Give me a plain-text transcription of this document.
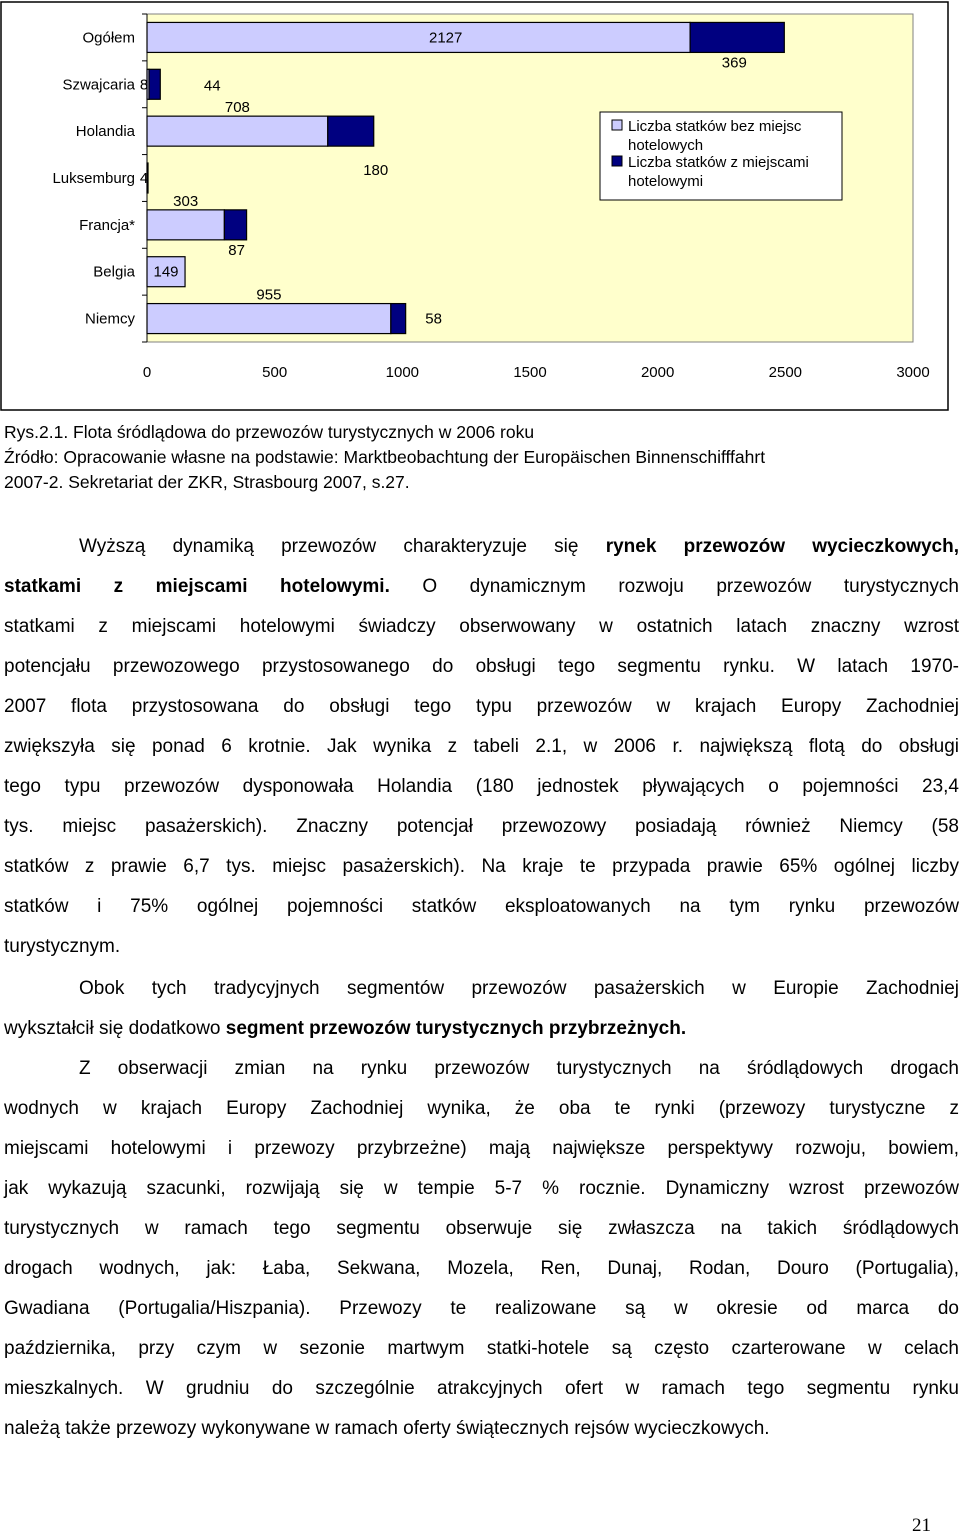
0	500	1000	1500	2000	2500	3000
Ogółem	2127
369
Szwajcaria 8	44
Holandia
708
180
Luksemburg 4
Francja*
303
87
Belgia 149
Niemcy
955
58
Liczba statków bez miejsc
hotelowych
Liczba statków z miejscami
hotelowymi
Rys.2.1. Flota śródlądowa do przewozów turystycznych w 2006 roku
Źródło: Opracowanie własne na podstawie: Marktbeobachtung der Europäischen Binnenschifffahrt
2007-2. Sekretariat der ZKR, Strasbourg 2007, s.27.
Wyższą dynamiką przewozów charakteryzuje się rynek przewozów wycieczkowych,
statkami z miejscami hotelowymi. O dynamicznym rozwoju przewozów turystycznych
statkami z miejscami hotelowymi świadczy obserwowany w ostatnich latach znaczny wzrost
potencjału przewozowego przystosowanego do obsługi tego segmentu rynku. W latach 1970-
2007 flota przystosowana do obsługi tego typu przewozów w krajach Europy Zachodniej
zwiększyła się ponad 6 krotnie. Jak wynika z tabeli 2.1, w 2006 r. największą flotą do obsługi
tego typu przewozów dysponowała Holandia (180 jednostek pływających o pojemności 23,4
tys. miejsc pasażerskich). Znaczny potencjał przewozowy posiadają również Niemcy (58
statków z prawie 6,7 tys. miejsc pasażerskich). Na kraje te przypada prawie 65% ogólnej liczby
statków i 75% ogólnej pojemności statków eksploatowanych na tym rynku przewozów
turystycznym.
Obok tych tradycyjnych segmentów przewozów pasażerskich w Europie Zachodniej
wykształcił się dodatkowo segment przewozów turystycznych przybrzeżnych.
Z obserwacji zmian na rynku przewozów turystycznych na śródlądowych drogach
wodnych w krajach Europy Zachodniej wynika, że oba te rynki (przewozy turystyczne z
miejscami hotelowymi i przewozy przybrzeżne) mają największe perspektywy rozwoju, bowiem,
jak wykazują szacunki, rozwijają się w tempie 5-7 % rocznie. Dynamiczny wzrost przewozów
turystycznych w ramach tego segmentu obserwuje się zwłaszcza na takich śródlądowych
drogach wodnych, jak: Łaba, Sekwana, Mozela, Ren, Dunaj, Rodan, Douro (Portugalia),
Gwadiana (Portugalia/Hiszpania). Przewozy te realizowane są w okresie od marca do
października, przy czym w sezonie martwym statki-hotele są często czarterowane w celach
mieszkalnych. W grudniu do szczególnie atrakcyjnych ofert w ramach tego segmentu rynku
należą także przewozy wykonywane w ramach oferty świątecznych rejsów wycieczkowych.
21
